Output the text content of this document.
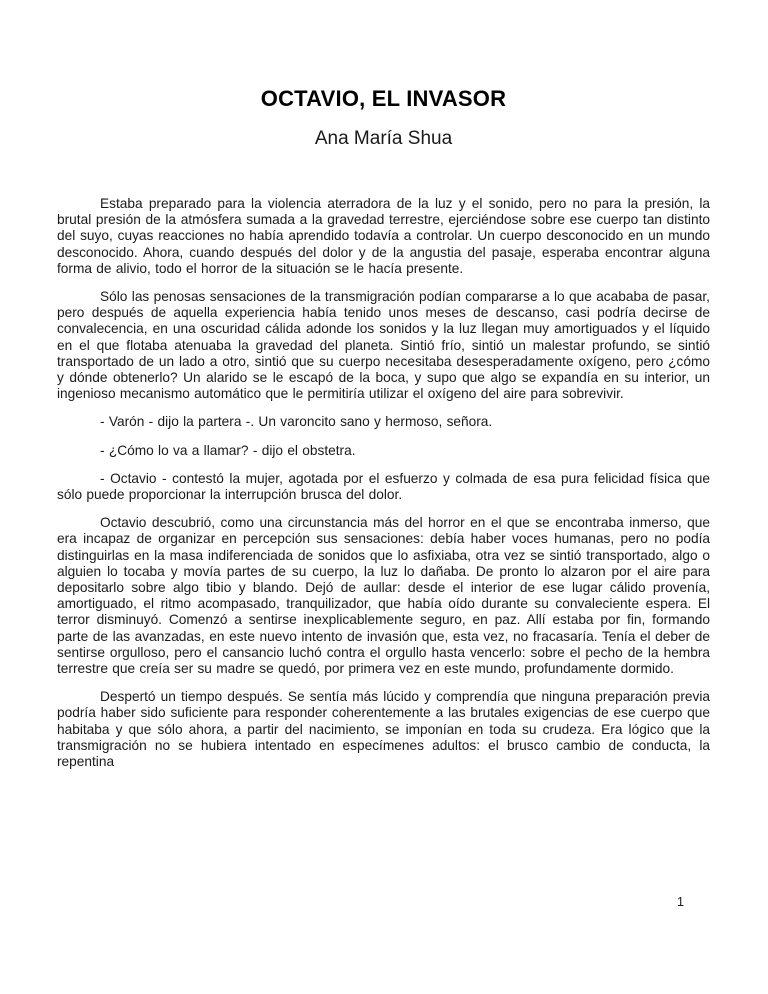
OCTAVIO, EL INVASOR
Ana María Shua

Estaba preparado para la violencia aterradora de la luz y el sonido, pero no para la presión, la brutal presión de la atmósfera sumada a la gravedad terrestre, ejerciéndose sobre ese cuerpo tan distinto del suyo, cuyas reacciones no había aprendido todavía a controlar. Un cuerpo desconocido en un mundo desconocido. Ahora, cuando después del dolor y de la angustia del pasaje, esperaba encontrar alguna forma de alivio, todo el horror de la situación se le hacía presente.

Sólo las penosas sensaciones de la transmigración podían compararse a lo que acababa de pasar, pero después de aquella experiencia había tenido unos meses de descanso, casi podría decirse de convalecencia, en una oscuridad cálida adonde los sonidos y la luz llegan muy amortiguados y el líquido en el que flotaba atenuaba la gravedad del planeta. Sintió frío, sintió un malestar profundo, se sintió transportado de un lado a otro, sintió que su cuerpo necesitaba desesperadamente oxígeno, pero ¿cómo y dónde obtenerlo? Un alarido se le escapó de la boca, y supo que algo se expandía en su interior, un ingenioso mecanismo automático que le permitiría utilizar el oxígeno del aire para sobrevivir.

- Varón - dijo la partera -. Un varoncito sano y hermoso, señora.

- ¿Cómo lo va a llamar? - dijo el obstetra.

- Octavio - contestó la mujer, agotada por el esfuerzo y colmada de esa pura felicidad física que sólo puede proporcionar la interrupción brusca del dolor.

Octavio descubrió, como una circunstancia más del horror en el que se encontraba inmerso, que era incapaz de organizar en percepción sus sensaciones: debía haber voces humanas, pero no podía distinguirlas en la masa indiferenciada de sonidos que lo asfixiaba, otra vez se sintió transportado, algo o alguien lo tocaba y movía partes de su cuerpo, la luz lo dañaba. De pronto lo alzaron por el aire para depositarlo sobre algo tibio y blando. Dejó de aullar: desde el interior de ese lugar cálido provenía, amortiguado, el ritmo acompasado, tranquilizador, que había oído durante su convaleciente espera. El terror disminuyó. Comenzó a sentirse inexplicablemente seguro, en paz. Allí estaba por fin, formando parte de las avanzadas, en este nuevo intento de invasión que, esta vez, no fracasaría. Tenía el deber de sentirse orgulloso, pero el cansancio luchó contra el orgullo hasta vencerlo: sobre el pecho de la hembra terrestre que creía ser su madre se quedó, por primera vez en este mundo, profundamente dormido.

Despertó un tiempo después. Se sentía más lúcido y comprendía que ninguna preparación previa podría haber sido suficiente para responder coherentemente a las brutales exigencias de ese cuerpo que habitaba y que sólo ahora, a partir del nacimiento, se imponían en toda su crudeza. Era lógico que la transmigración no se hubiera intentado en especímenes adultos: el brusco cambio de conducta, la repentina

1
